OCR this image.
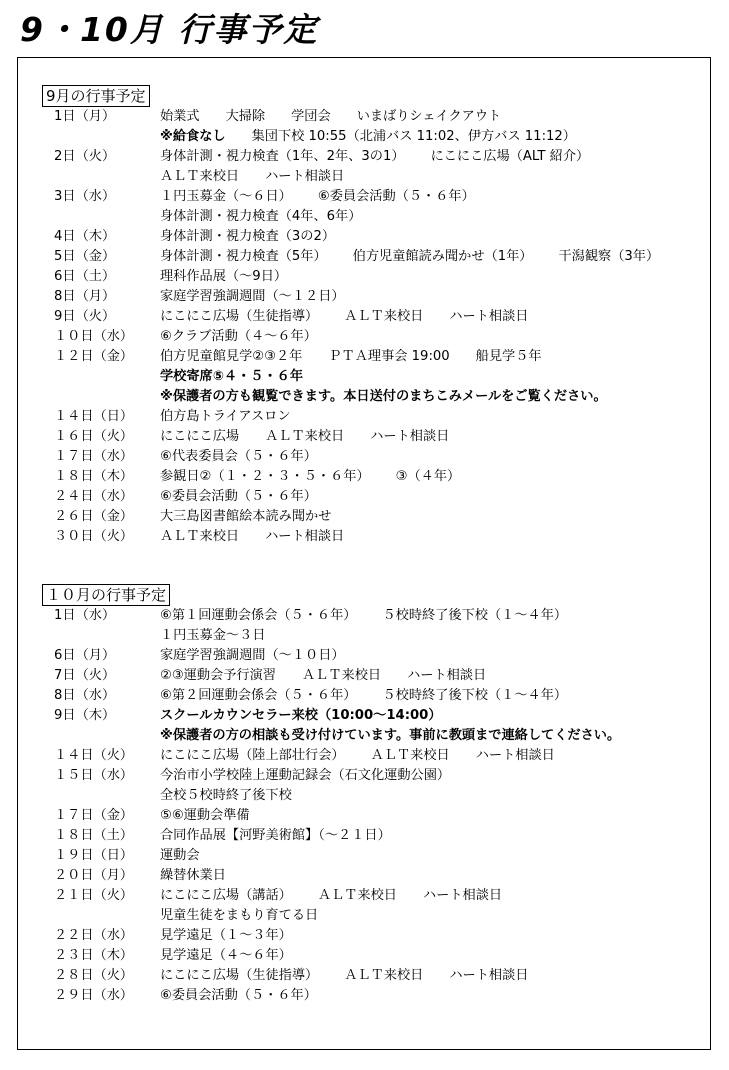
9・10月 行事予定
9月の行事予定
1日（月）	始業式 大掃除 学団会 いまばりシェイクアウト
※給食なし 集団下校 10:55（北浦バス 11:02、伊方バス 11:12）
2日（火）	身体計測・視力検査（1年、2年、3の1） にこにこ広場（ALT 紹介）
ＡＬＴ来校日 ハート相談日
3日（水）	１円玉募金（～６日） ⑥委員会活動（５・６年）
身体計測・視力検査（4年、6年）
4日（木）	身体計測・視力検査（3の2）
5日（金）	身体計測・視力検査（5年） 伯方児童館読み聞かせ（1年） 干潟観察（3年）
6日（土）	理科作品展（～9日）
8日（月）	家庭学習強調週間（～１２日）
9日（火）	にこにこ広場（生徒指導） ＡＬＴ来校日 ハート相談日
１０日（水）	⑥クラブ活動（４～６年）
１２日（金）	伯方児童館見学②③２年 ＰＴＡ理事会 19:00 船見学５年
学校寄席⑤４・５・６年
※保護者の方も観覧できます。本日送付のまちこみメールをご覧ください。
１４日（日）	伯方島トライアスロン
１６日（火）	にこにこ広場 ＡＬＴ来校日 ハート相談日
１７日（水）	⑥代表委員会（５・６年）
１８日（木）	参観日②（１・２・３・５・６年） ③（４年）
２４日（水）	⑥委員会活動（５・６年）
２６日（金）	大三島図書館絵本読み聞かせ
３０日（火）	ＡＬＴ来校日 ハート相談日
１０月の行事予定
1日（水）	⑥第１回運動会係会（５・６年） ５校時終了後下校（１～４年）
１円玉募金～３日
6日（月）	家庭学習強調週間（～１０日）
7日（火）	②③運動会予行演習 ＡＬＴ来校日 ハート相談日
8日（水）	⑥第２回運動会係会（５・６年） ５校時終了後下校（１～４年）
9日（木）	スクールカウンセラー来校（10:00～14:00）
※保護者の方の相談も受け付けています。事前に教頭まで連絡してください。
１４日（火）	にこにこ広場（陸上部壮行会） ＡＬＴ来校日 ハート相談日
１５日（水）	今治市小学校陸上運動記録会（石文化運動公園）
全校５校時終了後下校
１７日（金）	⑤⑥運動会準備
１８日（土）	合同作品展【河野美術館】（～２１日）
１９日（日）	運動会
２０日（月）	繰替休業日
２１日（火）	にこにこ広場（講話） ＡＬＴ来校日 ハート相談日
児童生徒をまもり育てる日
２２日（水）	見学遠足（１～３年）
２３日（木）	見学遠足（４～６年）
２８日（火）	にこにこ広場（生徒指導） ＡＬＴ来校日 ハート相談日
２９日（水）	⑥委員会活動（５・６年）
